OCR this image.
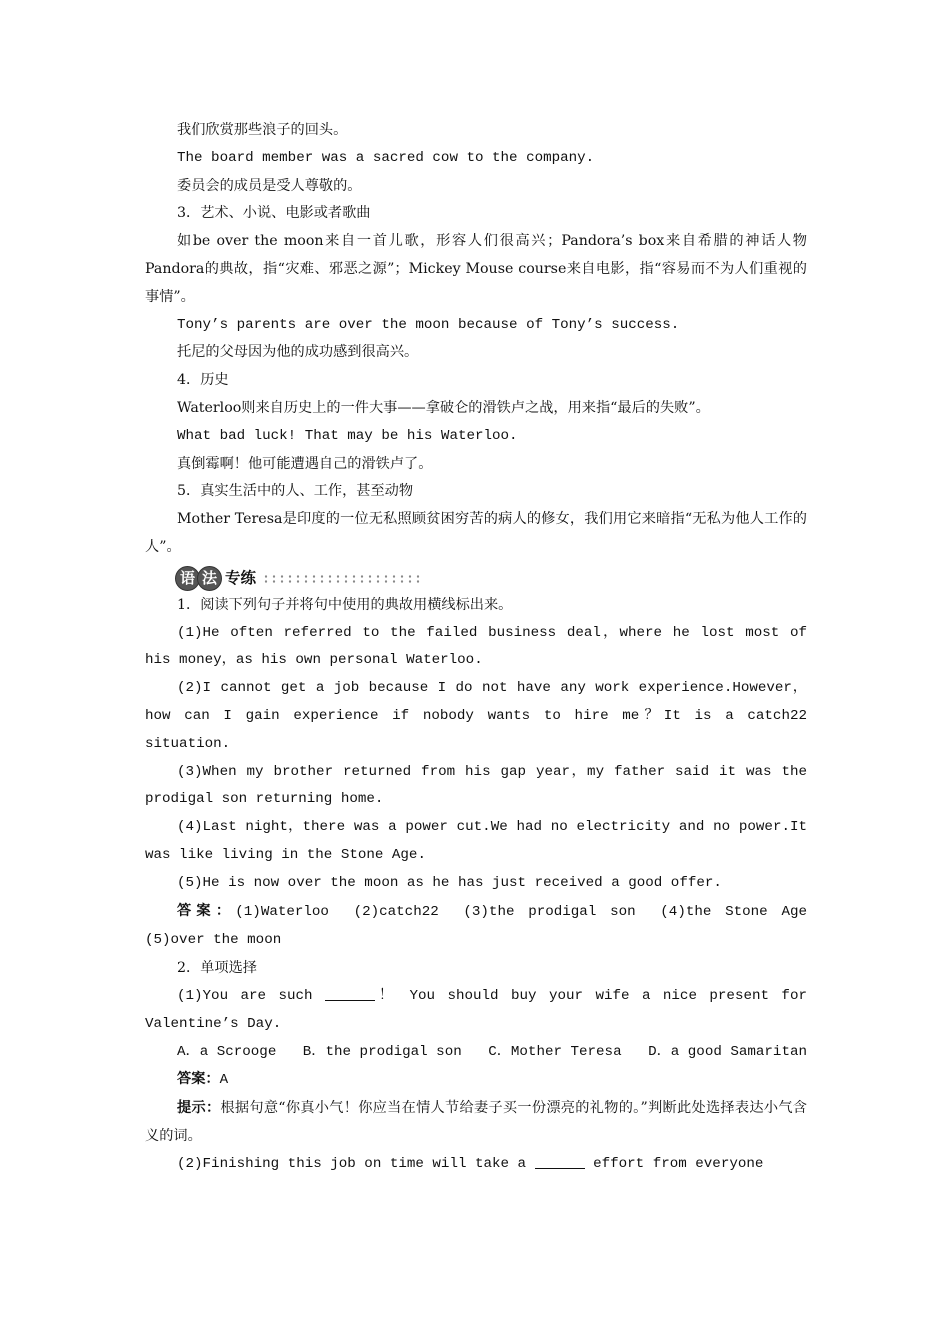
我们欣赏那些浪子的回头。

The board member was a sacred cow to the company.

委员会的成员是受人尊敬的。

3．艺术、小说、电影或者歌曲

如be over the moon来自一首儿歌，形容人们很高兴；Pandora’s box来自希腊的神话人物Pandora的典故，指“灾难、邪恶之源”；Mickey Mouse course来自电影，指“容易而不为人们重视的事情”。

Tony’s parents are over the moon because of Tony’s success.

托尼的父母因为他的成功感到很高兴。

4．历史

Waterloo则来自历史上的一件大事——拿破仑的滑铁卢之战，用来指“最后的失败”。

What bad luck! That may be his Waterloo.

真倒霉啊！他可能遭遇自己的滑铁卢了。

5．真实生活中的人、工作，甚至动物

Mother Teresa是印度的一位无私照顾贫困穷苦的病人的修女，我们用它来暗指“无私为他人工作的人”。

语 法 专练

1．阅读下列句子并将句中使用的典故用横线标出来。

(1)He often referred to the failed business deal，where he lost most of his money，as his own personal Waterloo.

(2)I cannot get a job because I do not have any work experience.However，how can I gain experience if nobody wants to hire me？It is a catch22 situation.

(3)When my brother returned from his gap year，my father said it was the prodigal son returning home.

(4)Last night，there was a power cut.We had no electricity and no power.It was like living in the Stone Age.

(5)He is now over the moon as he has just received a good offer.

答案：(1)Waterloo　(2)catch22　(3)the prodigal son　(4)the Stone Age　(5)over the moon

2．单项选择

(1)You are such	！ You should buy your wife a nice present for Valentine’s Day.

A．a Scrooge B．the prodigal son C．Mother Teresa D．a good Samaritan

答案：A

提示：根据句意“你真小气！你应当在情人节给妻子买一份漂亮的礼物的。”判断此处选择表达小气含义的词。

(2)Finishing this job on time will take a	effort from everyone
